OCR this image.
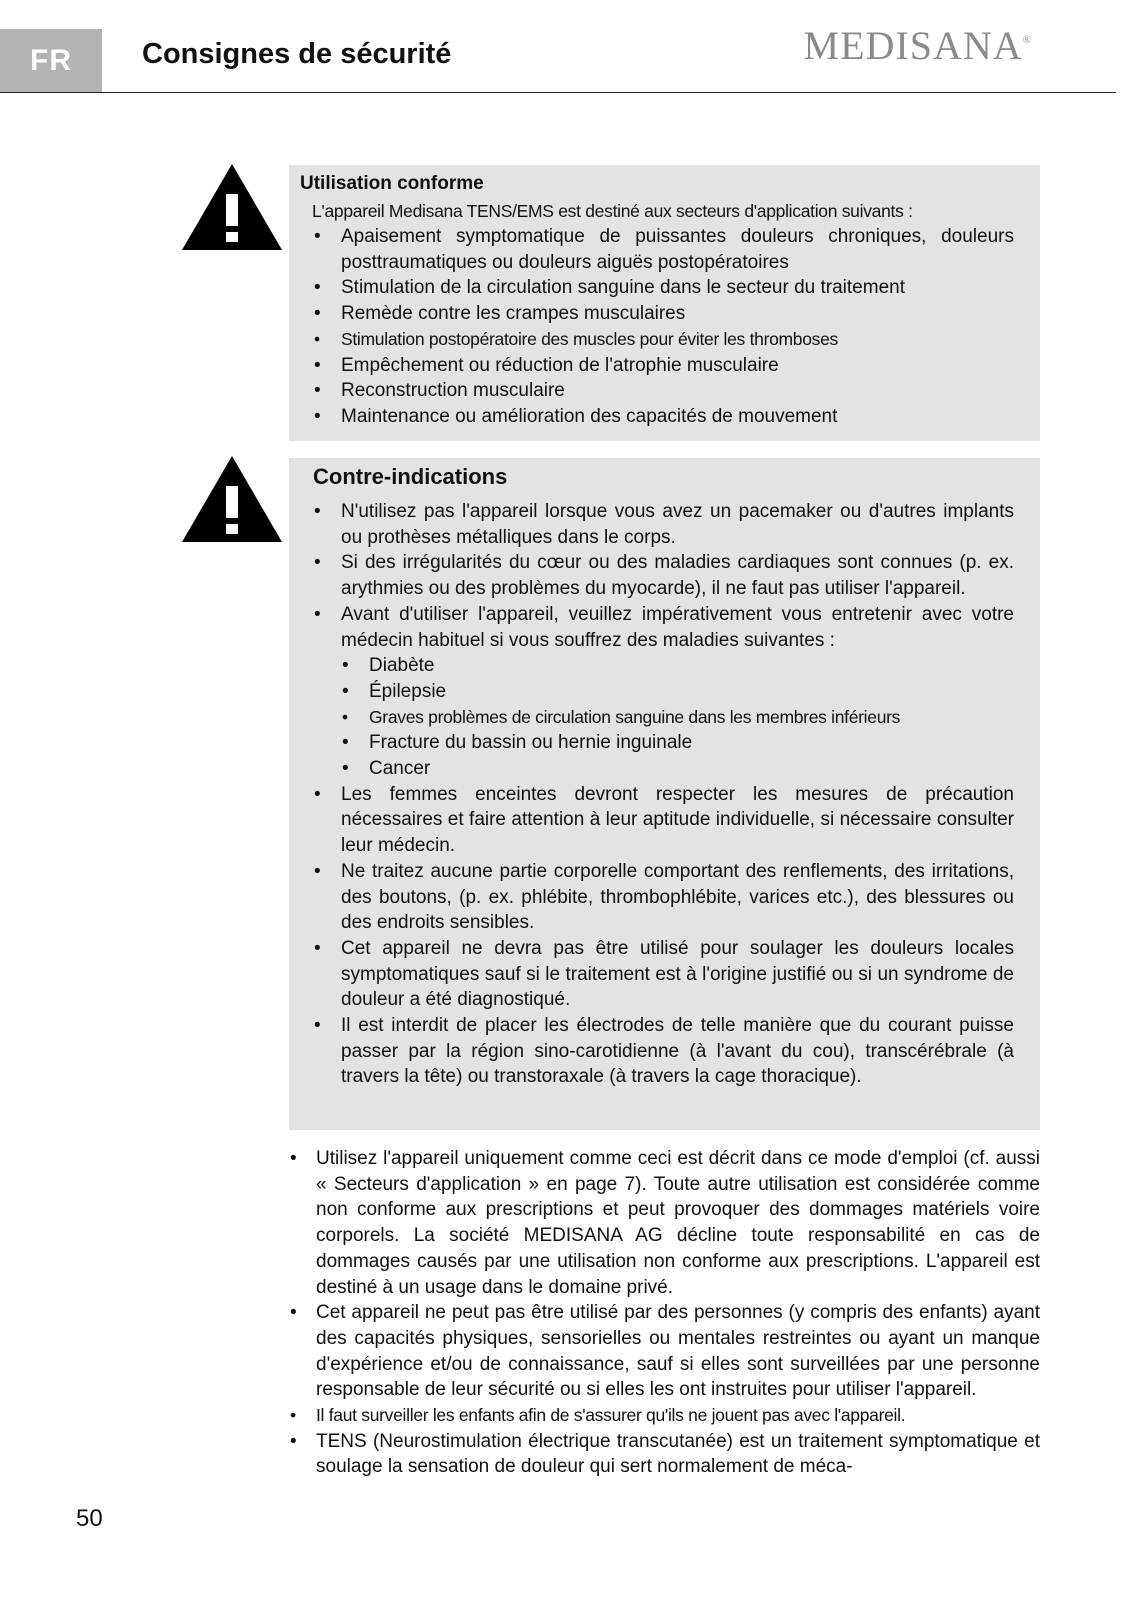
FR	Consignes de sécurité	MEDISANA®
Utilisation conforme
L'appareil Medisana TENS/EMS est destiné aux secteurs d'application suivants :
• Apaisement symptomatique de puissantes douleurs chroniques, douleurs posttraumatiques ou douleurs aiguës postopératoires
• Stimulation de la circulation sanguine dans le secteur du traitement
• Remède contre les crampes musculaires
• Stimulation postopératoire des muscles pour éviter les thromboses
• Empêchement ou réduction de l'atrophie musculaire
• Reconstruction musculaire
• Maintenance ou amélioration des capacités de mouvement
Contre-indications
• N'utilisez pas l'appareil lorsque vous avez un pacemaker ou d'autres implants ou prothèses métalliques dans le corps.
• Si des irrégularités du cœur ou des maladies cardiaques sont connues (p. ex. arythmies ou des problèmes du myocarde), il ne faut pas utiliser l'appareil.
• Avant d'utiliser l'appareil, veuillez impérativement vous entretenir avec votre médecin habituel si vous souffrez des maladies suivantes :
• Diabète
• Épilepsie
• Graves problèmes de circulation sanguine dans les membres inférieurs
• Fracture du bassin ou hernie inguinale
• Cancer
• Les femmes enceintes devront respecter les mesures de précaution nécessaires et faire attention à leur aptitude individuelle, si nécessaire consulter leur médecin.
• Ne traitez aucune partie corporelle comportant des renflements, des irritations, des boutons, (p. ex. phlébite, thrombophlébite, varices etc.), des blessures ou des endroits sensibles.
• Cet appareil ne devra pas être utilisé pour soulager les douleurs locales symptomatiques sauf si le traitement est à l'origine justifié ou si un syndrome de douleur a été diagnostiqué.
• Il est interdit de placer les électrodes de telle manière que du courant puisse passer par la région sino-carotidienne (à l'avant du cou), transcérébrale (à travers la tête) ou transtoraxale (à travers la cage thoracique).
• Utilisez l'appareil uniquement comme ceci est décrit dans ce mode d'emploi (cf. aussi « Secteurs d'application » en page 7). Toute autre utilisation est considérée comme non conforme aux prescriptions et peut provoquer des dommages matériels voire corporels. La société MEDISANA AG décline toute responsabilité en cas de dommages causés par une utilisation non conforme aux prescriptions. L'appareil est destiné à un usage dans le domaine privé.
• Cet appareil ne peut pas être utilisé par des personnes (y compris des enfants) ayant des capacités physiques, sensorielles ou mentales restreintes ou ayant un manque d'expérience et/ou de connaissance, sauf si elles sont surveillées par une personne responsable de leur sécurité ou si elles les ont instruites pour utiliser l'appareil.
• Il faut surveiller les enfants afin de s'assurer qu'ils ne jouent pas avec l'appareil.
• TENS (Neurostimulation électrique transcutanée) est un traitement symptomatique et soulage la sensation de douleur qui sert normalement de méca-
50
